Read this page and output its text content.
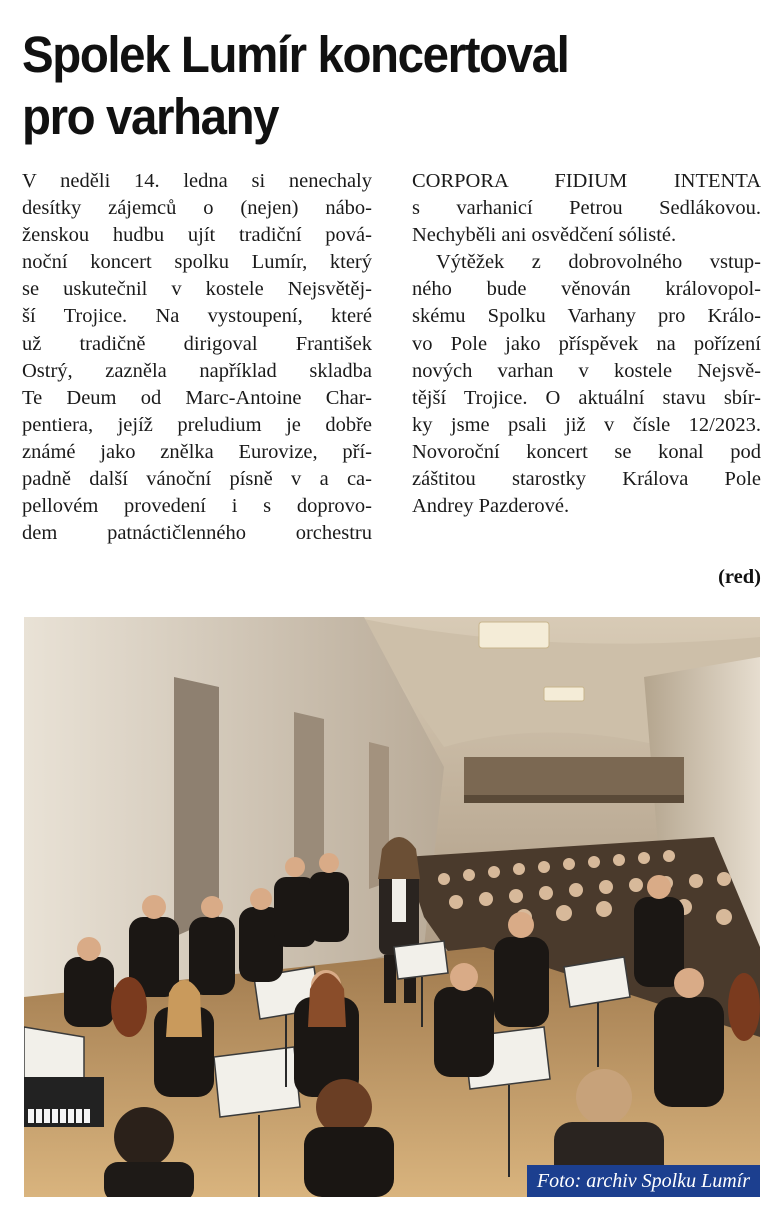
Spolek Lumír koncertoval
pro varhany
V neděli 14. ledna si nenechaly
desítky zájemců o (nejen) nábo-
ženskou hudbu ujít tradiční pová-
noční koncert spolku Lumír, který
se uskutečnil v kostele Nejsvětěj-
ší Trojice. Na vystoupení, které
už tradičně dirigoval František
Ostrý, zazněla například skladba
Te Deum od Marc-Antoine Char-
pentiera, jejíž preludium je dobře
známé jako znělka Eurovize, pří-
padně další vánoční písně v a ca-
pellovém provedení i s doprovo-
dem patnáctičlenného orchestru
CORPORA FIDIUM INTENTA
s varhanicí Petrou Sedlákovou.
Nechyběli ani osvědčení sólisté.
Výtěžek z dobrovolného vstup-
ného bude věnován královopol-
skému Spolku Varhany pro Králo-
vo Pole jako příspěvek na pořízení
nových varhan v kostele Nejsvě-
tější Trojice. O aktuální stavu sbír-
ky jsme psali již v čísle 12/2023.
Novoroční koncert se konal pod
záštitou starostky Králova Pole
Andrey Pazderové.
(red)
Foto: archiv Spolku Lumír
